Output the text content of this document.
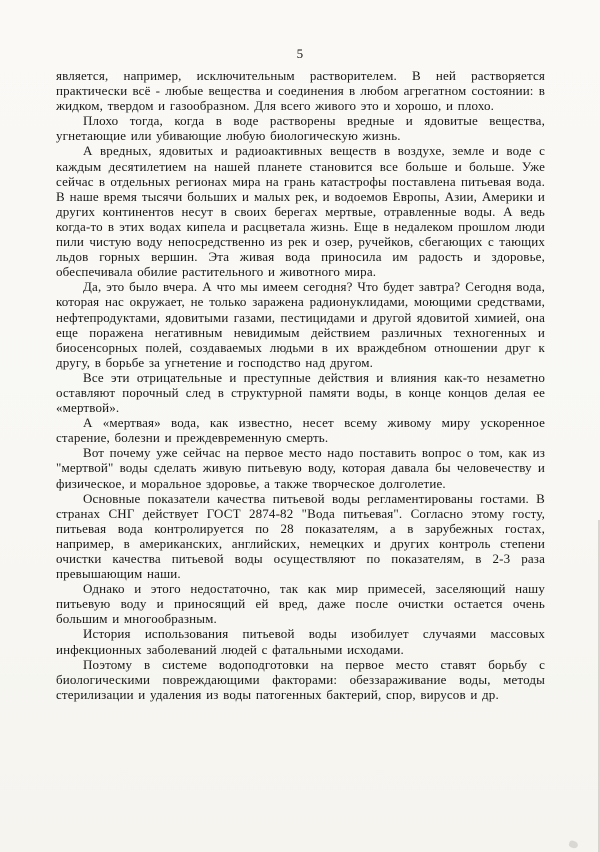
5

является, например, исключительным растворителем. В ней растворяется практически всё - любые вещества и соединения в любом агрегатном состоянии: в жидком, твердом и газообразном. Для всего живого это и хорошо, и плохо.

Плохо тогда, когда в воде растворены вредные и ядовитые вещества, угнетающие или убивающие любую биологическую жизнь.

А вредных, ядовитых и радиоактивных веществ в воздухе, земле и воде с каждым десятилетием на нашей планете становится все больше и больше. Уже сейчас в отдельных регионах мира на грань катастрофы поставлена питьевая вода. В наше время тысячи больших и малых рек, и водоемов Европы, Азии, Америки и других континентов несут в своих берегах мертвые, отравленные воды. А ведь когда-то в этих водах кипела и расцветала жизнь. Еще в недалеком прошлом люди пили чистую воду непосредственно из рек и озер, ручейков, сбегающих с тающих льдов горных вершин. Эта живая вода приносила им радость и здоровье, обеспечивала обилие растительного и животного мира.

Да, это было вчера. А что мы имеем сегодня? Что будет завтра? Сегодня вода, которая нас окружает, не только заражена радионуклидами, моющими средствами, нефтепродуктами, ядовитыми газами, пестицидами и другой ядовитой химией, она еще поражена негативным невидимым действием различных техногенных и биосенсорных полей, создаваемых людьми в их враждебном отношении друг к другу, в борьбе за угнетение и господство над другом.

Все эти отрицательные и преступные действия и влияния как-то незаметно оставляют порочный след в структурной памяти воды, в конце концов делая ее «мертвой».

А «мертвая» вода, как известно, несет всему живому миру ускоренное старение, болезни и преждевременную смерть.

Вот почему уже сейчас на первое место надо поставить вопрос о том, как из "мертвой" воды сделать живую питьевую воду, которая давала бы человечеству и физическое, и моральное здоровье, а также творческое долголетие.

Основные показатели качества питьевой воды регламентированы гостами. В странах СНГ действует ГОСТ 2874-82 "Вода питьевая". Согласно этому госту, питьевая вода контролируется по 28 показателям, а в зарубежных гостах, например, в американских, английских, немецких и других контроль степени очистки качества питьевой воды осуществляют по показателям, в 2-3 раза превышающим наши.

Однако и этого недостаточно, так как мир примесей, заселяющий нашу питьевую воду и приносящий ей вред, даже после очистки остается очень большим и многообразным.

История использования питьевой воды изобилует случаями массовых инфекционных заболеваний людей с фатальными исходами.

Поэтому в системе водоподготовки на первое место ставят борьбу с биологическими повреждающими факторами: обеззараживание воды, методы стерилизации и удаления из воды патогенных бактерий, спор, вирусов и др.
